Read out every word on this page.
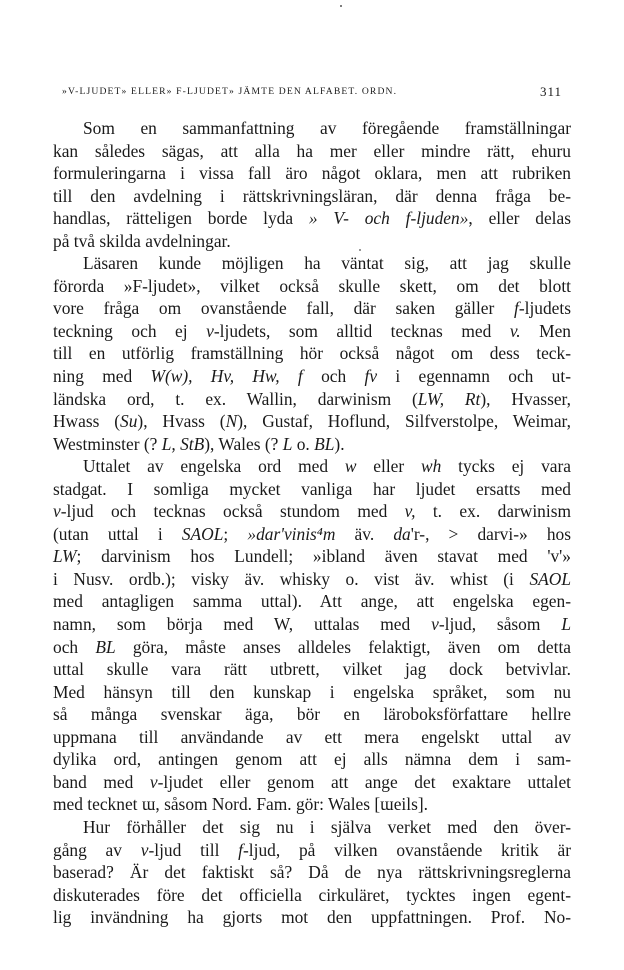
»V-LJUDET» ELLER» F-LJUDET» JÄMTE DEN ALFABET. ORDN.	311
Som en sammanfattning av föregående framställningar
kan således sägas, att alla ha mer eller mindre rätt, ehuru
formuleringarna i vissa fall äro något oklara, men att rubriken
till den avdelning i rättskrivningsläran, där denna fråga be-
handlas, rätteligen borde lyda » V- och f-ljuden», eller delas
på två skilda avdelningar.
Läsaren kunde möjligen ha väntat sig, att jag skulle
förorda »F-ljudet», vilket också skulle skett, om det blott
vore fråga om ovanstående fall, där saken gäller f-ljudets
teckning och ej v-ljudets, som alltid tecknas med v. Men
till en utförlig framställning hör också något om dess teck-
ning med W(w), Hv, Hw, f och fv i egennamn och ut-
ländska ord, t. ex. Wallin, darwinism (LW, Rt), Hvasser,
Hwass (Su), Hvass (N), Gustaf, Hoflund, Silfverstolpe, Weimar,
Westminster (? L, StB), Wales (? L o. BL).
Uttalet av engelska ord med w eller wh tycks ej vara
stadgat. I somliga mycket vanliga har ljudet ersatts med
v-ljud och tecknas också stundom med v, t. ex. darwinism
(utan uttal i SAOL; »dar'vinis⁴m äv. da'r-, > darvi-» hos
LW; darvinism hos Lundell; »ibland även stavat med 'v'»
i Nusv. ordb.); visky äv. whisky o. vist äv. whist (i SAOL
med antagligen samma uttal). Att ange, att engelska egen-
namn, som börja med W, uttalas med v-ljud, såsom L
och BL göra, måste anses alldeles felaktigt, även om detta
uttal skulle vara rätt utbrett, vilket jag dock betvivlar.
Med hänsyn till den kunskap i engelska språket, som nu
så många svenskar äga, bör en läroboksförfattare hellre
uppmana till användande av ett mera engelskt uttal av
dylika ord, antingen genom att ej alls nämna dem i sam-
band med v-ljudet eller genom att ange det exaktare uttalet
med tecknet ɯ, såsom Nord. Fam. gör: Wales [ɯeils].
Hur förhåller det sig nu i själva verket med den över-
gång av v-ljud till f-ljud, på vilken ovanstående kritik är
baserad? Är det faktiskt så? Då de nya rättskrivningsreglerna
diskuterades före det officiella cirkuläret, tycktes ingen egent-
lig invändning ha gjorts mot den uppfattningen. Prof. No-
